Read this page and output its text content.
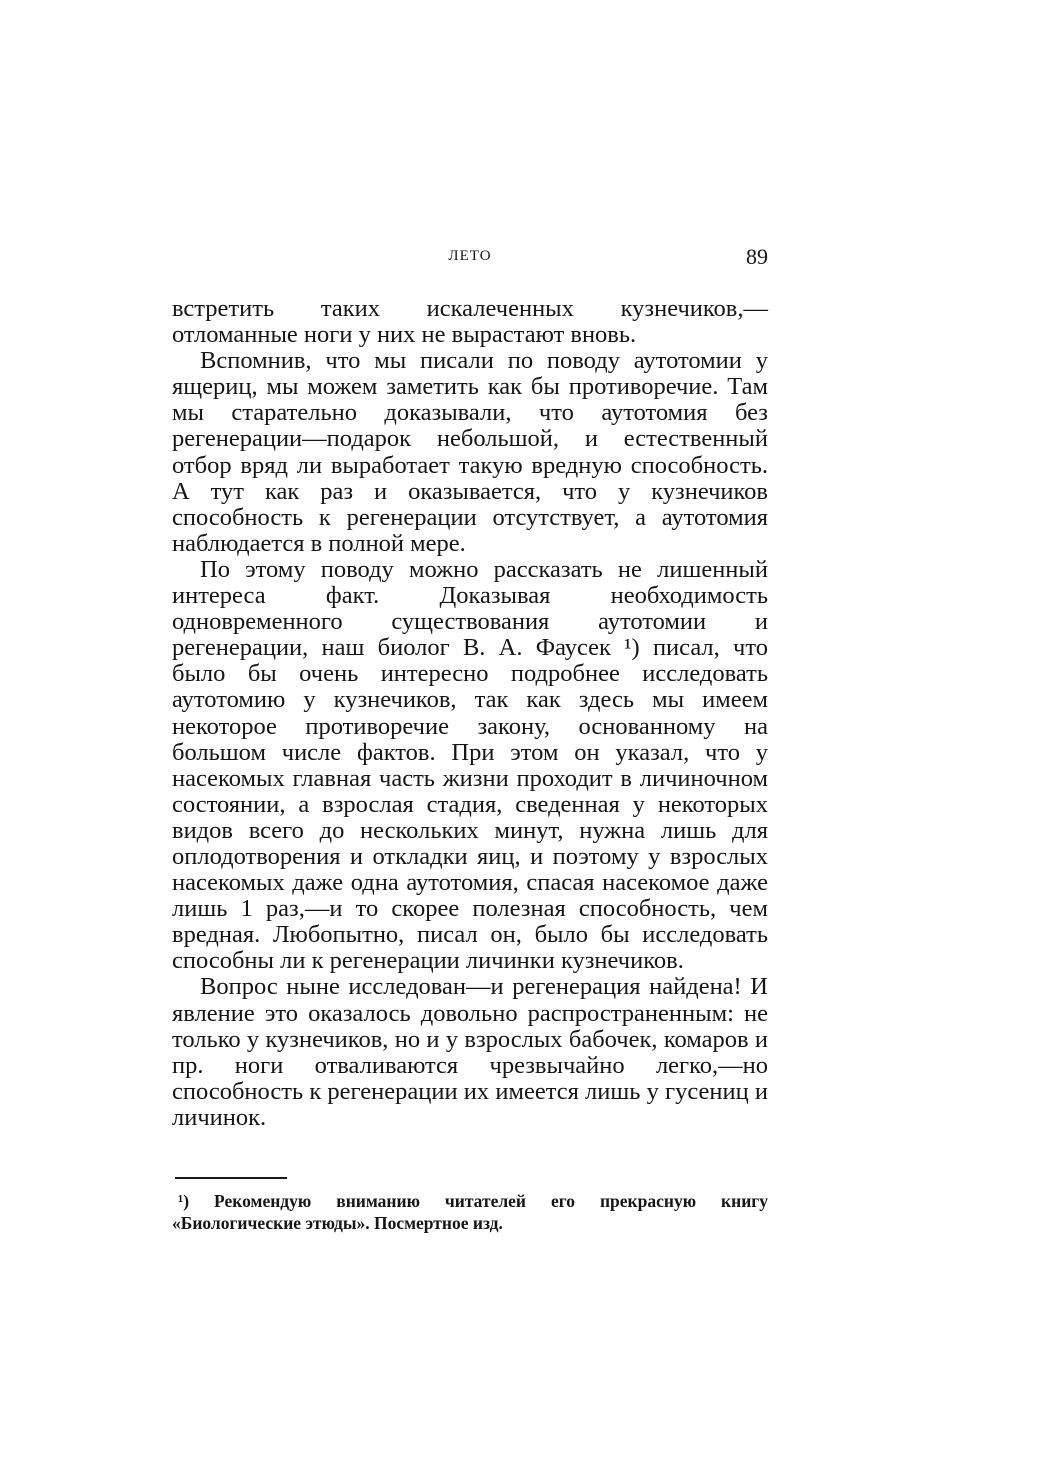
ЛЕТО	89

встретить таких искалеченных кузнечиков,—отломанные ноги у них не вырастают вновь.

Вспомнив, что мы писали по поводу аутотомии у ящериц, мы можем заметить как бы противоречие. Там мы старательно доказывали, что аутотомия без регенерации—подарок небольшой, и естественный отбор вряд ли выработает такую вредную способность. А тут как раз и оказывается, что у кузнечиков способность к регенерации отсутствует, а аутотомия наблюдается в полной мере.

По этому поводу можно рассказать не лишенный интереса факт. Доказывая необходимость одновременного существования аутотомии и регенерации, наш биолог В. А. Фаусек ¹) писал, что было бы очень интересно подробнее исследовать аутотомию у кузнечиков, так как здесь мы имеем некоторое противоречие закону, основанному на большом числе фактов. При этом он указал, что у насекомых главная часть жизни проходит в личиночном состоянии, а взрослая стадия, сведенная у некоторых видов всего до нескольких минут, нужна лишь для оплодотворения и откладки яиц, и поэтому у взрослых насекомых даже одна аутотомия, спасая насекомое даже лишь 1 раз,—и то скорее полезная способность, чем вредная. Любопытно, писал он, было бы исследовать способны ли к регенерации личинки кузнечиков.

Вопрос ныне исследован—и регенерация найдена! И явление это оказалось довольно распространенным: не только у кузнечиков, но и у взрослых бабочек, комаров и пр. ноги отваливаются чрезвычайно легко,—но способность к регенерации их имеется лишь у гусениц и личинок.

¹) Рекомендую вниманию читателей его прекрасную книгу «Биологические этюды». Посмертное изд.
